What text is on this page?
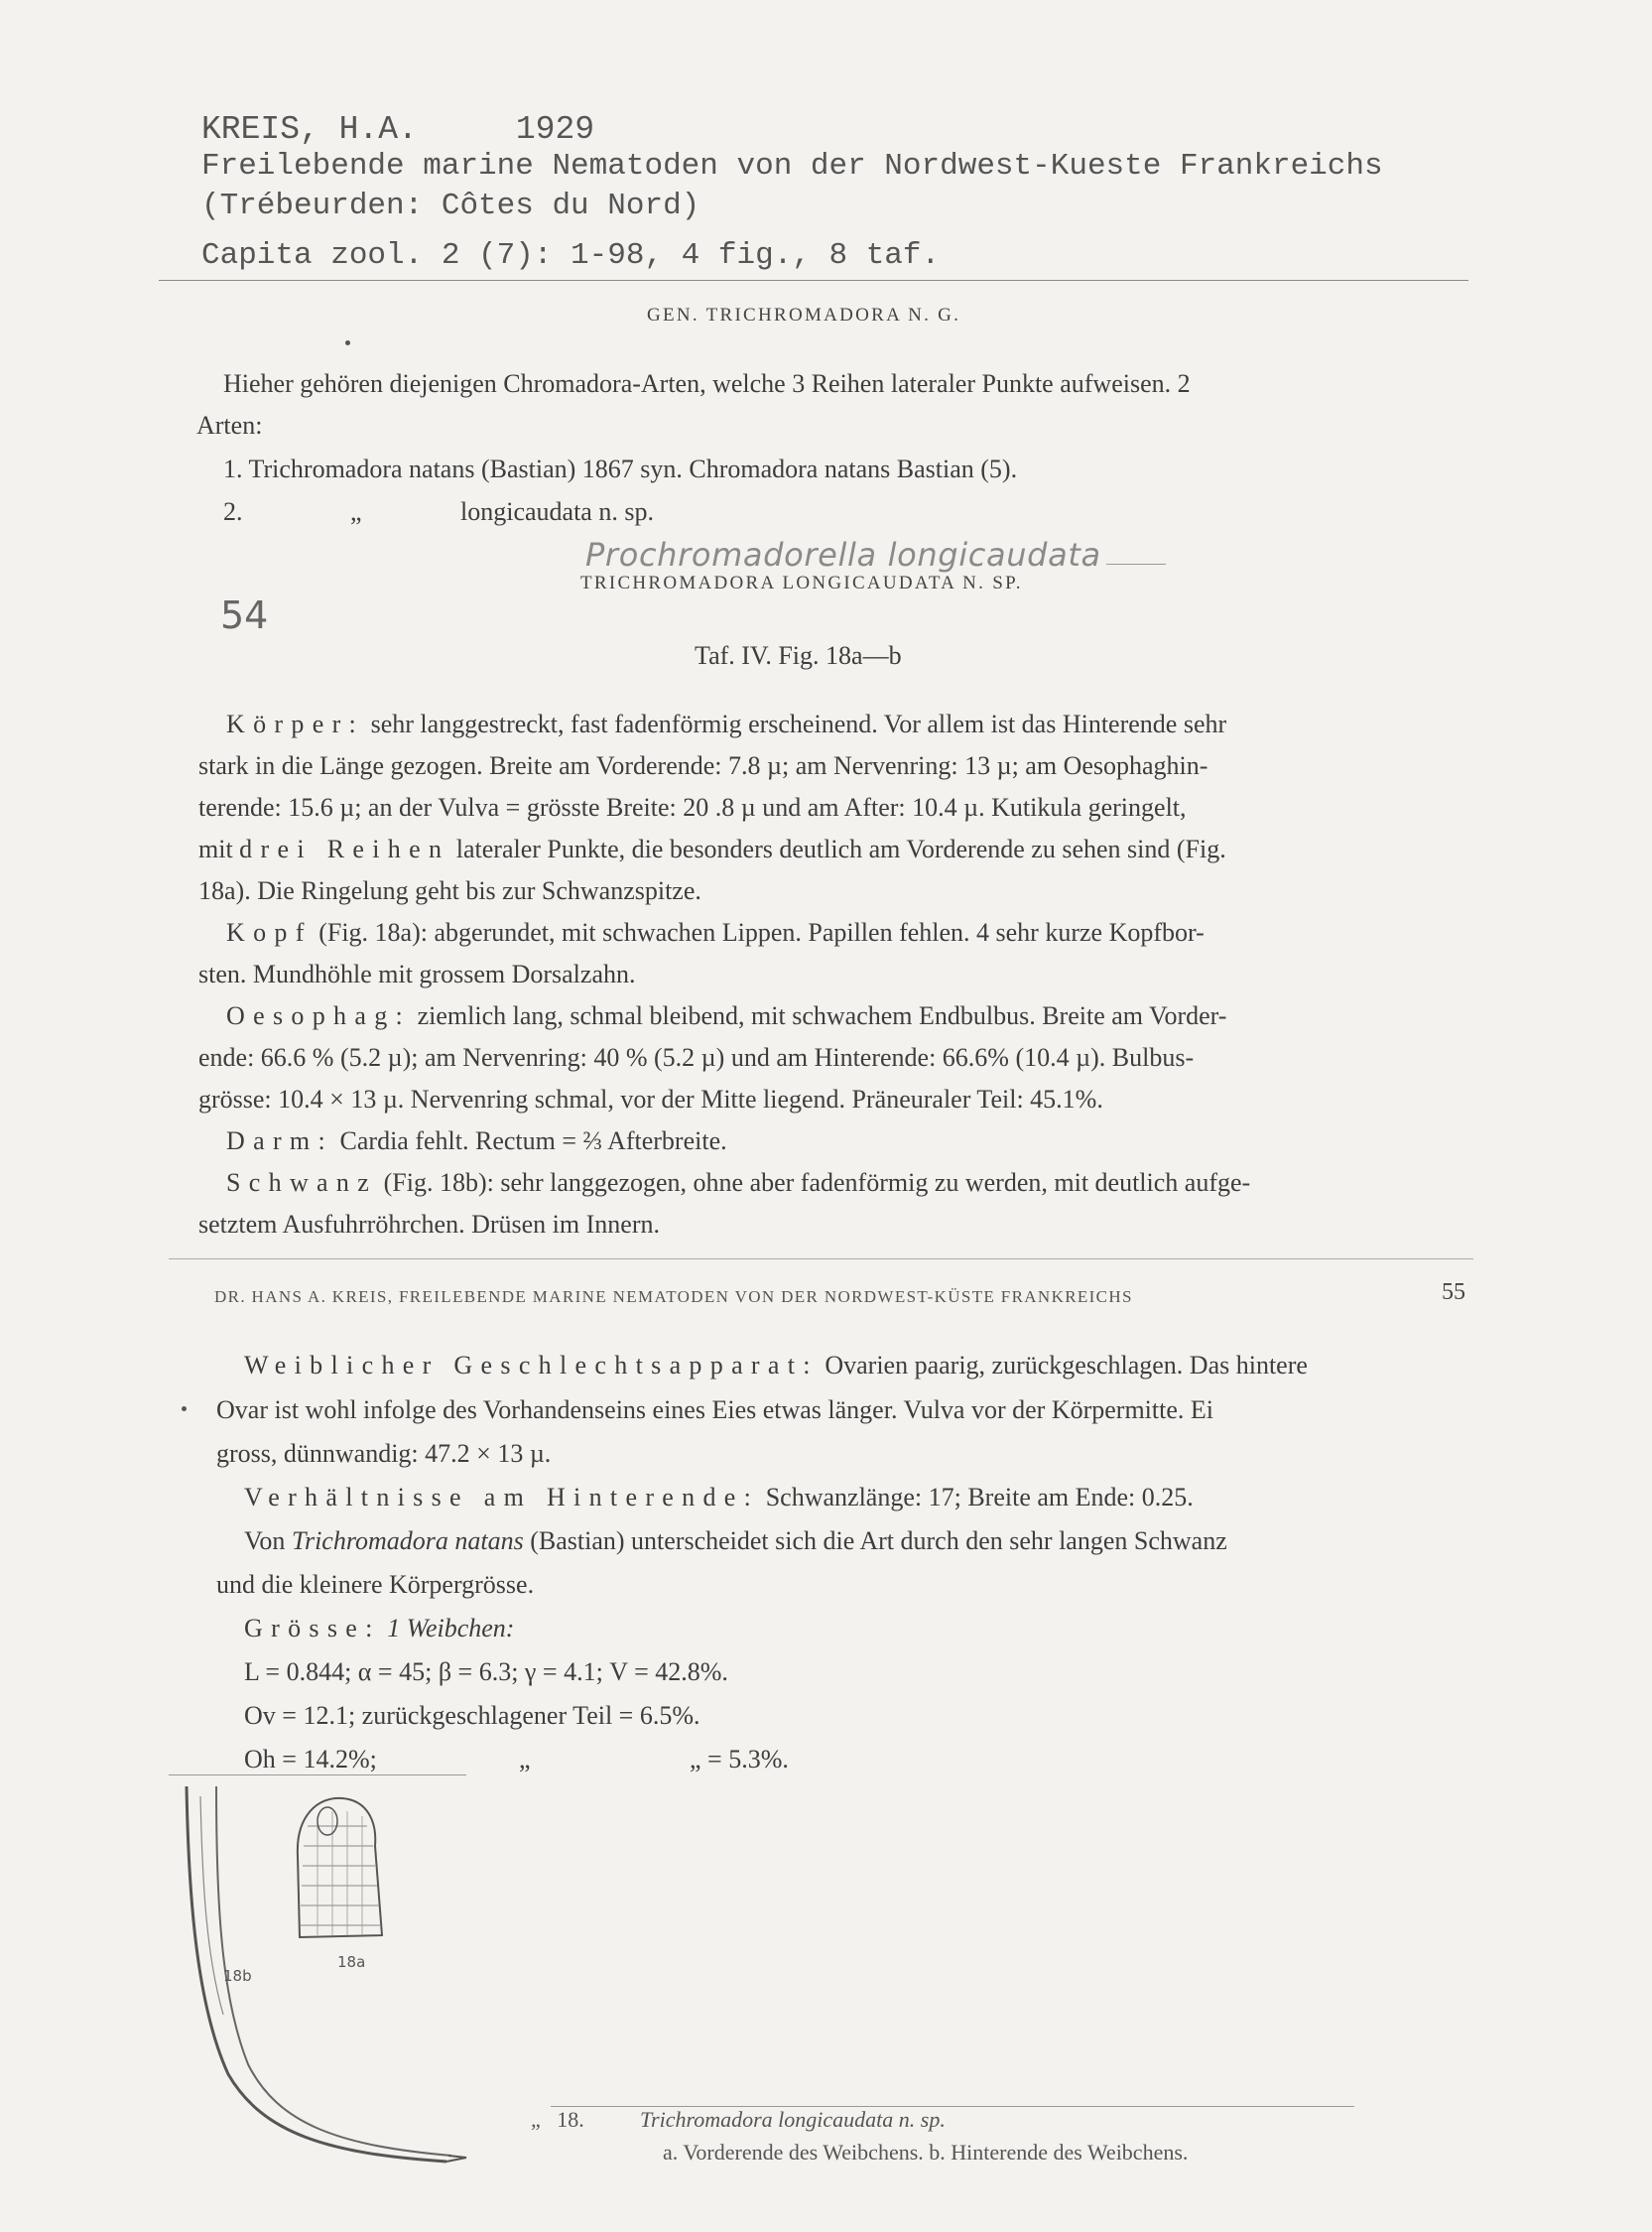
KREIS, H.A.     1929
Freilebende marine Nematoden von der Nordwest-Kueste Frankreichs
(Trébeurden: Côtes du Nord)
Capita zool. 2 (7): 1-98, 4 fig., 8 taf.
GEN. TRICHROMADORA N. G.
Hieher gehören diejenigen Chromadora-Arten, welche 3 Reihen lateraler Punkte aufweisen. 2
Arten:
1. Trichromadora natans (Bastian) 1867 syn. Chromadora natans Bastian (5).
2.	„	longicaudata n. sp.
Prochromadorella longicaudata
54
TRICHROMADORA LONGICAUDATA N. SP.
Taf. IV. Fig. 18a—b
Körper: sehr langgestreckt, fast fadenförmig erscheinend. Vor allem ist das Hinterende sehr
stark in die Länge gezogen. Breite am Vorderende: 7.8 µ; am Nervenring: 13 µ; am Oesophaghin-
terende: 15.6 µ; an der Vulva = grösste Breite: 20 .8 µ und am After: 10.4 µ. Kutikula geringelt,
mit drei Reihen lateraler Punkte, die besonders deutlich am Vorderende zu sehen sind (Fig.
18a). Die Ringelung geht bis zur Schwanzspitze.
Kopf (Fig. 18a): abgerundet, mit schwachen Lippen. Papillen fehlen. 4 sehr kurze Kopfbor-
sten. Mundhöhle mit grossem Dorsalzahn.
Oesophag: ziemlich lang, schmal bleibend, mit schwachem Endbulbus. Breite am Vorder-
ende: 66.6 % (5.2 µ); am Nervenring: 40 % (5.2 µ) und am Hinterende: 66.6% (10.4 µ). Bulbus-
grösse: 10.4 × 13 µ. Nervenring schmal, vor der Mitte liegend. Präneuraler Teil: 45.1%.
Darm: Cardia fehlt. Rectum = ⅔ Afterbreite.
Schwanz (Fig. 18b): sehr langgezogen, ohne aber fadenförmig zu werden, mit deutlich aufge-
setztem Ausfuhrröhrchen. Drüsen im Innern.
DR. HANS A. KREIS, FREILEBENDE MARINE NEMATODEN VON DER NORDWEST-KÜSTE FRANKREICHS	55
Weiblicher Geschlechtsapparat: Ovarien paarig, zurückgeschlagen. Das hintere
Ovar ist wohl infolge des Vorhandenseins eines Eies etwas länger. Vulva vor der Körpermitte. Ei
gross, dünnwandig: 47.2 × 13 µ.
Verhältnisse am Hinterende: Schwanzlänge: 17; Breite am Ende: 0.25.
Von Trichromadora natans (Bastian) unterscheidet sich die Art durch den sehr langen Schwanz
und die kleinere Körpergrösse.
Grösse: 1 Weibchen:
L = 0.844; α = 45; β = 6.3; γ = 4.1; V = 42.8%.
Ov = 12.1; zurückgeschlagener Teil = 6.5%.
Oh = 14.2%;	„	„ = 5.3%.
18b
18a
„   18.	Trichromadora longicaudata n. sp.
a. Vorderende des Weibchens. b. Hinterende des Weibchens.
